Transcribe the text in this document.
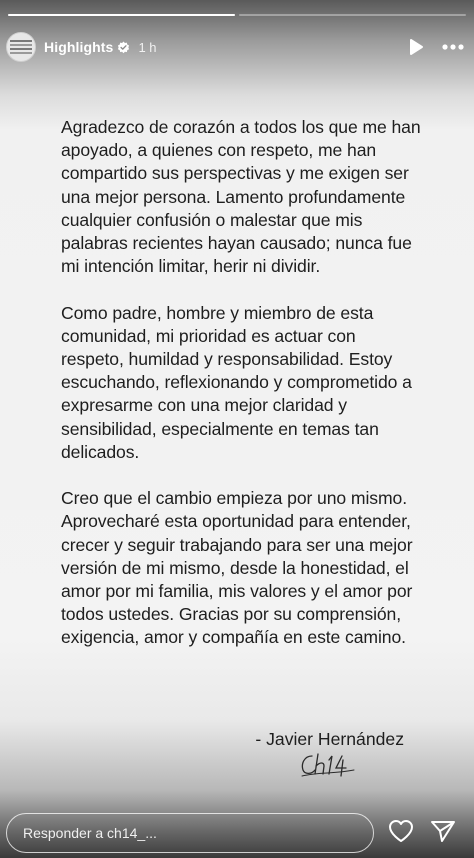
Highlights 1 h

Agradezco de corazón a todos los que me han apoyado, a quienes con respeto, me han compartido sus perspectivas y me exigen ser una mejor persona. Lamento profundamente cualquier confusión o malestar que mis palabras recientes hayan causado; nunca fue mi intención limitar, herir ni dividir.

Como padre, hombre y miembro de esta comunidad, mi prioridad es actuar con respeto, humildad y responsabilidad. Estoy escuchando, reflexionando y comprometido a expresarme con una mejor claridad y sensibilidad, especialmente en temas tan delicados.

Creo que el cambio empieza por uno mismo. Aprovecharé esta oportunidad para entender, crecer y seguir trabajando para ser una mejor versión de mi mismo, desde la honestidad, el amor por mi familia, mis valores y el amor por todos ustedes. Gracias por su comprensión, exigencia, amor y compañía en este camino.

- Javier Hernández
Responder a ch14_...
